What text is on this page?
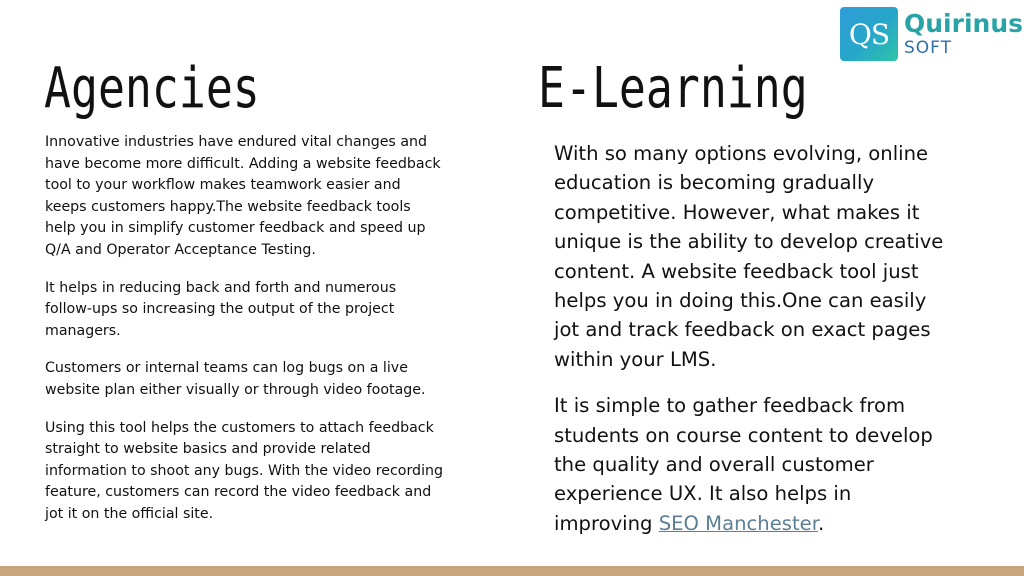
QS Quirinus
SOFT
Agencies	E-Learning

Innovative industries have endured vital changes and have become more difficult. Adding a website feedback tool to your workflow makes teamwork easier and keeps customers happy.The website feedback tools help you in simplify customer feedback and speed up Q/A and Operator Acceptance Testing.

It helps in reducing back and forth and numerous follow-ups so increasing the output of the project managers.

Customers or internal teams can log bugs on a live website plan either visually or through video footage.

Using this tool helps the customers to attach feedback straight to website basics and provide related information to shoot any bugs. With the video recording feature, customers can record the video feedback and jot it on the official site.

With so many options evolving, online education is becoming gradually competitive. However, what makes it unique is the ability to develop creative content. A website feedback tool just helps you in doing this.One can easily jot and track feedback on exact pages within your LMS.

It is simple to gather feedback from students on course content to develop the quality and overall customer experience UX. It also helps in improving SEO Manchester.
